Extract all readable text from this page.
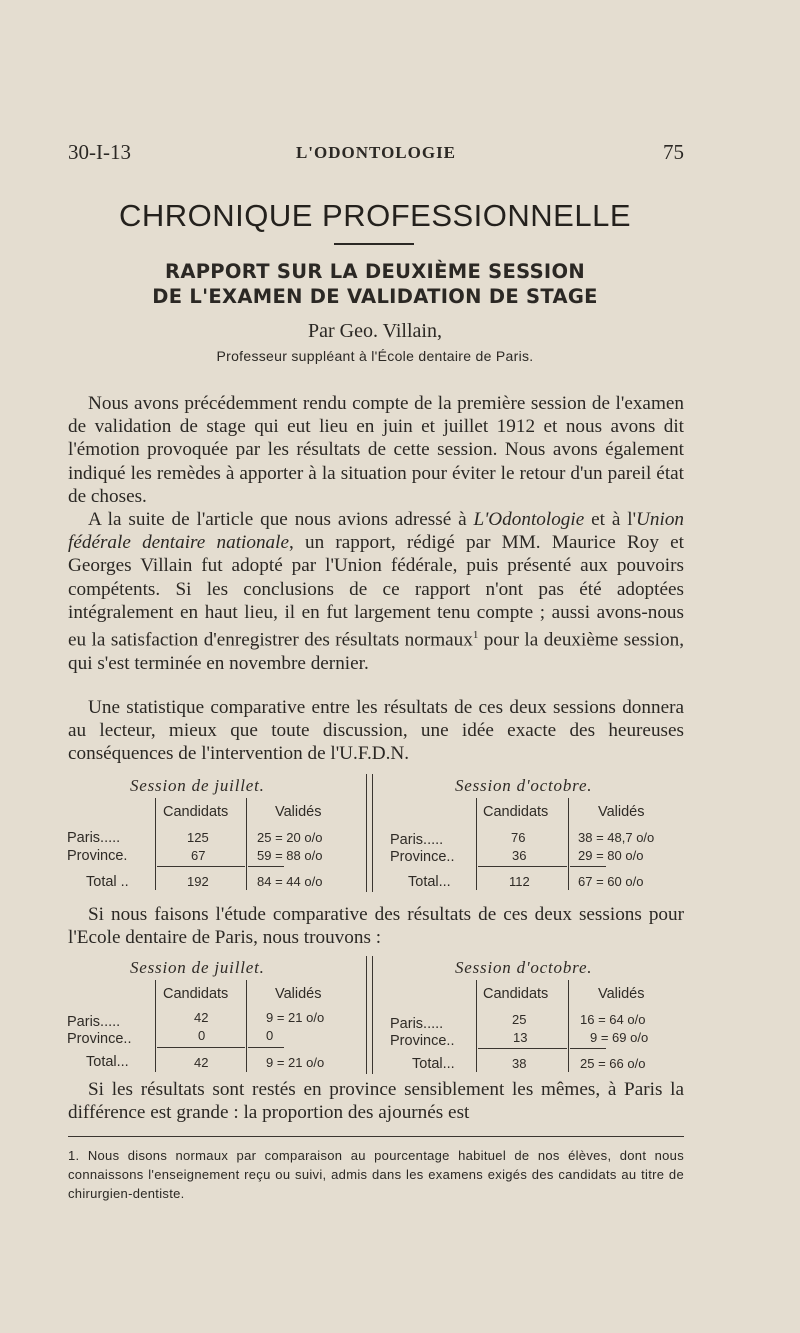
30-I-13	L'ODONTOLOGIE	75
CHRONIQUE PROFESSIONNELLE
RAPPORT SUR LA DEUXIÈME SESSION
DE L'EXAMEN DE VALIDATION DE STAGE
Par Geo. Villain,
Professeur suppléant à l'École dentaire de Paris.

Nous avons précédemment rendu compte de la première session de l'examen de validation de stage qui eut lieu en juin et juillet 1912 et nous avons dit l'émotion provoquée par les résultats de cette session. Nous avons également indiqué les remèdes à apporter à la situation pour éviter le retour d'un pareil état de choses.

A la suite de l'article que nous avions adressé à L'Odontologie et à l'Union fédérale dentaire nationale, un rapport, rédigé par MM. Maurice Roy et Georges Villain fut adopté par l'Union fédérale, puis présenté aux pouvoirs compétents. Si les conclusions de ce rapport n'ont pas été adoptées intégralement en haut lieu, il en fut largement tenu compte ; aussi avons-nous eu la satisfaction d'enregistrer des résultats normaux$^1$ pour la deuxième session, qui s'est terminée en novembre dernier.

Une statistique comparative entre les résultats de ces deux sessions donnera au lecteur, mieux que toute discussion, une idée exacte des heureuses conséquences de l'intervention de l'U.F.D.N.

Session de juillet.
Candidats	Validés
Paris.....	125	25 = 20 o/o
Province.	67	59 = 88 o/o
Total ..	192	84 = 44 o/o
Session d'octobre.
Candidats	Validés
Paris.....	76	38 = 48,7 o/o
Province..	36	29 = 80 o/o
Total...	112	67 = 60 o/o

Si nous faisons l'étude comparative des résultats de ces deux sessions pour l'Ecole dentaire de Paris, nous trouvons :

Session de juillet.
Candidats	Validés
Paris.....	42	9 = 21 o/o
Province..	0	0
Total...	42	9 = 21 o/o
Session d'octobre.
Candidats	Validés
Paris.....	25	16 = 64 o/o
Province..	13	9 = 69 o/o
Total...	38	25 = 66 o/o

Si les résultats sont restés en province sensiblement les mêmes, à Paris la différence est grande : la proportion des ajournés est

1. Nous disons normaux par comparaison au pourcentage habituel de nos élèves, dont nous connaissons l'enseignement reçu ou suivi, admis dans les examens exigés des candidats au titre de chirurgien-dentiste.
